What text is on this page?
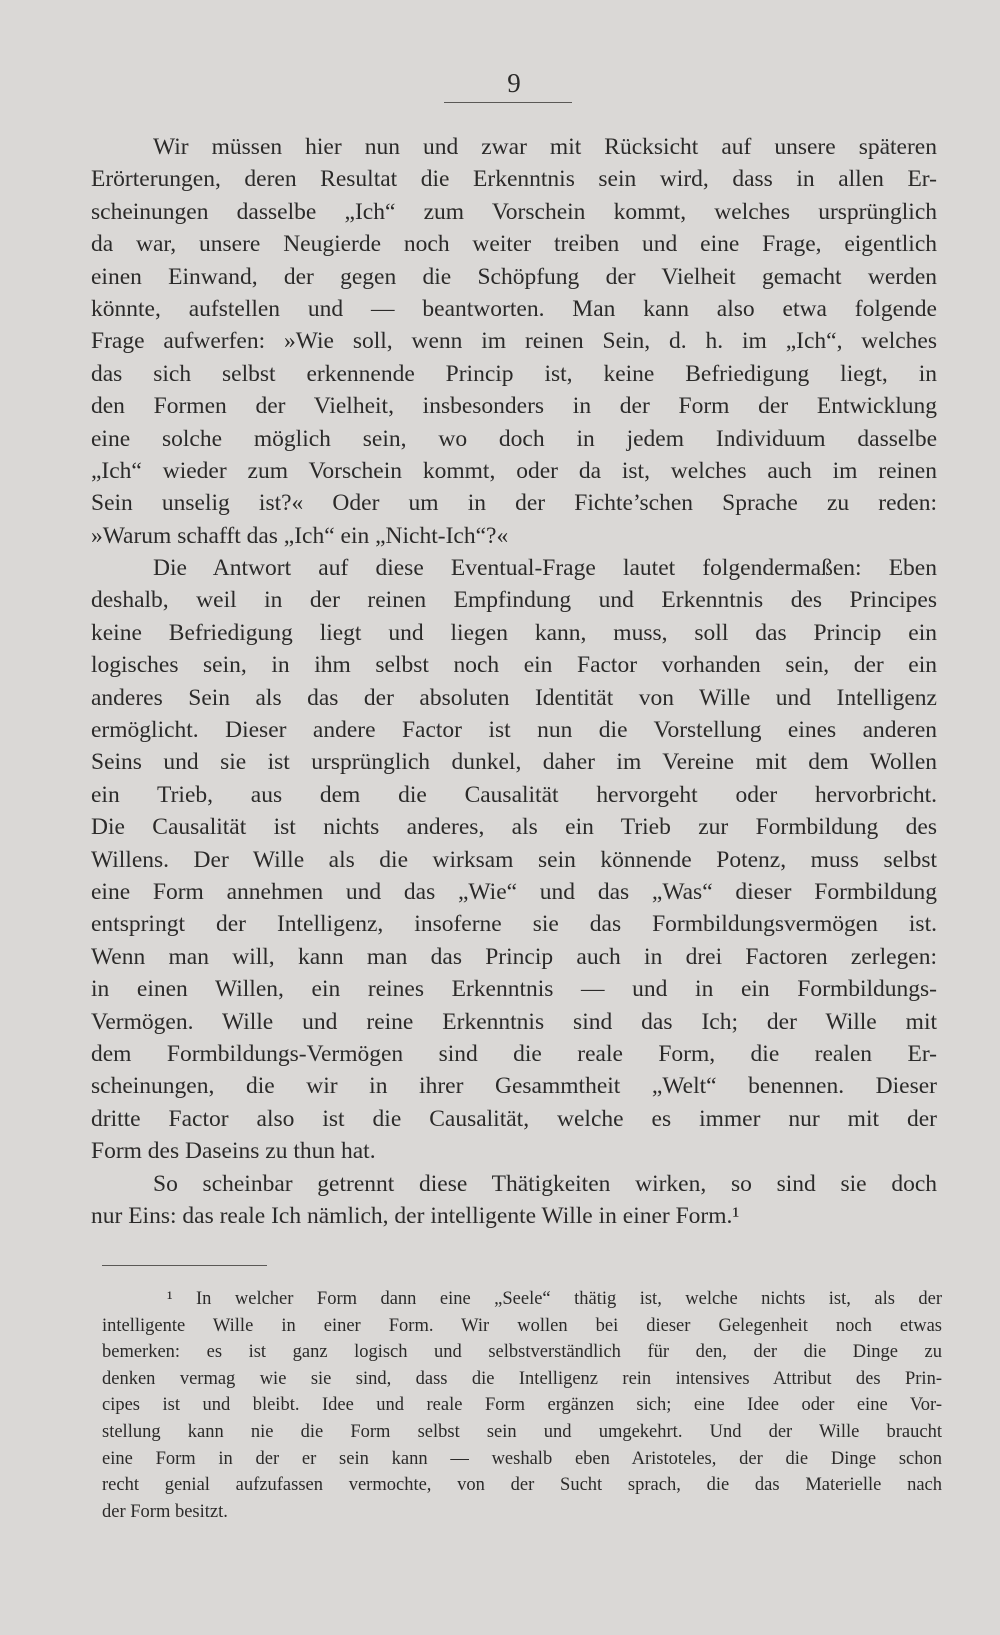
9
Wir müssen hier nun und zwar mit Rücksicht auf unsere späteren
Erörterungen, deren Resultat die Erkenntnis sein wird, dass in allen Er-
scheinungen dasselbe „Ich“ zum Vorschein kommt, welches ursprünglich
da war, unsere Neugierde noch weiter treiben und eine Frage, eigentlich
einen Einwand, der gegen die Schöpfung der Vielheit gemacht werden
könnte, aufstellen und — beantworten. Man kann also etwa folgende
Frage aufwerfen: »Wie soll, wenn im reinen Sein, d. h. im „Ich“, welches
das sich selbst erkennende Princip ist, keine Befriedigung liegt, in
den Formen der Vielheit, insbesonders in der Form der Entwicklung
eine solche möglich sein, wo doch in jedem Individuum dasselbe
„Ich“ wieder zum Vorschein kommt, oder da ist, welches auch im reinen
Sein unselig ist?« Oder um in der Fichte’schen Sprache zu reden:
»Warum schafft das „Ich“ ein „Nicht-Ich“?«
Die Antwort auf diese Eventual-Frage lautet folgendermaßen: Eben
deshalb, weil in der reinen Empfindung und Erkenntnis des Principes
keine Befriedigung liegt und liegen kann, muss, soll das Princip ein
logisches sein, in ihm selbst noch ein Factor vorhanden sein, der ein
anderes Sein als das der absoluten Identität von Wille und Intelligenz
ermöglicht. Dieser andere Factor ist nun die Vorstellung eines anderen
Seins und sie ist ursprünglich dunkel, daher im Vereine mit dem Wollen
ein Trieb, aus dem die Causalität hervorgeht oder hervorbricht.
Die Causalität ist nichts anderes, als ein Trieb zur Formbildung des
Willens. Der Wille als die wirksam sein könnende Potenz, muss selbst
eine Form annehmen und das „Wie“ und das „Was“ dieser Formbildung
entspringt der Intelligenz, insoferne sie das Formbildungsvermögen ist.
Wenn man will, kann man das Princip auch in drei Factoren zerlegen:
in einen Willen, ein reines Erkenntnis — und in ein Formbildungs-
Vermögen. Wille und reine Erkenntnis sind das Ich; der Wille mit
dem Formbildungs-Vermögen sind die reale Form, die realen Er-
scheinungen, die wir in ihrer Gesammtheit „Welt“ benennen. Dieser
dritte Factor also ist die Causalität, welche es immer nur mit der
Form des Daseins zu thun hat.
So scheinbar getrennt diese Thätigkeiten wirken, so sind sie doch
nur Eins: das reale Ich nämlich, der intelligente Wille in einer Form.¹
¹ In welcher Form dann eine „Seele“ thätig ist, welche nichts ist, als der
intelligente Wille in einer Form. Wir wollen bei dieser Gelegenheit noch etwas
bemerken: es ist ganz logisch und selbstverständlich für den, der die Dinge zu
denken vermag wie sie sind, dass die Intelligenz rein intensives Attribut des Prin-
cipes ist und bleibt. Idee und reale Form ergänzen sich; eine Idee oder eine Vor-
stellung kann nie die Form selbst sein und umgekehrt. Und der Wille braucht
eine Form in der er sein kann — weshalb eben Aristoteles, der die Dinge schon
recht genial aufzufassen vermochte, von der Sucht sprach, die das Materielle nach
der Form besitzt.
